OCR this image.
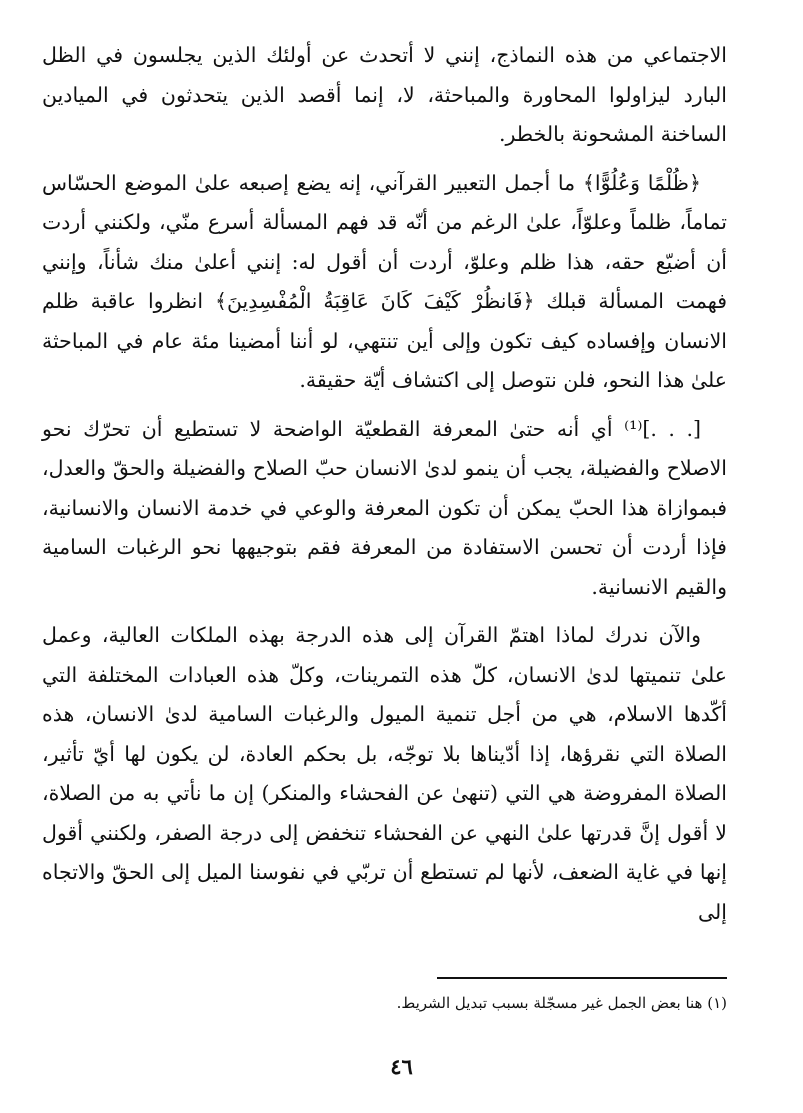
الاجتماعي من هذه النماذج، إنني لا أتحدث عن أولئك الذين يجلسون في الظل البارد ليزاولوا المحاورة والمباحثة، لا، إنما أقصد الذين يتحدثون في الميادين الساخنة المشحونة بالخطر.

﴿ظُلْمًا وَعُلُوًّا﴾ ما أجمل التعبير القرآني، إنه يضع إصبعه علىٰ الموضع الحسّاس تماماً، ظلماً وعلوّاً، علىٰ الرغم من أنّه قد فهم المسألة أسرع منّي، ولكنني أردت أن أضيّع حقه، هذا ظلم وعلوّ، أردت أن أقول له: إنني أعلىٰ منك شأناً، وإنني فهمت المسألة قبلك ﴿فَانظُرْ كَيْفَ كَانَ عَاقِبَةُ الْمُفْسِدِينَ﴾ انظروا عاقبة ظلم الانسان وإفساده كيف تكون وإلى أين تنتهي، لو أننا أمضينا مئة عام في المباحثة علىٰ هذا النحو، فلن نتوصل إلى اكتشاف أيّة حقيقة.

[. . .]⁽¹⁾ أي أنه حتىٰ المعرفة القطعيّة الواضحة لا تستطيع أن تحرّك نحو الاصلاح والفضيلة، يجب أن ينمو لدىٰ الانسان حبّ الصلاح والفضيلة والحقّ والعدل، فبموازاة هذا الحبّ يمكن أن تكون المعرفة والوعي في خدمة الانسان والانسانية، فإذا أردت أن تحسن الاستفادة من المعرفة فقم بتوجيهها نحو الرغبات السامية والقيم الانسانية.

والآن ندرك لماذا اهتمّ القرآن إلى هذه الدرجة بهذه الملكات العالية، وعمل علىٰ تنميتها لدىٰ الانسان، كلّ هذه التمرينات، وكلّ هذه العبادات المختلفة التي أكّدها الاسلام، هي من أجل تنمية الميول والرغبات السامية لدىٰ الانسان، هذه الصلاة التي نقرؤها، إذا أدّيناها بلا توجّه، بل بحكم العادة، لن يكون لها أيّ تأثير، الصلاة المفروضة هي التي (تنهىٰ عن الفحشاء والمنكر) إن ما نأتي به من الصلاة، لا أقول إنَّ قدرتها علىٰ النهي عن الفحشاء تنخفض إلى درجة الصفر، ولكنني أقول إنها في غاية الضعف، لأنها لم تستطع أن تربّي في نفوسنا الميل إلى الحقّ والاتجاه إلى

(١) هنا بعض الجمل غير مسجّلة بسبب تبديل الشريط.
٤٦
